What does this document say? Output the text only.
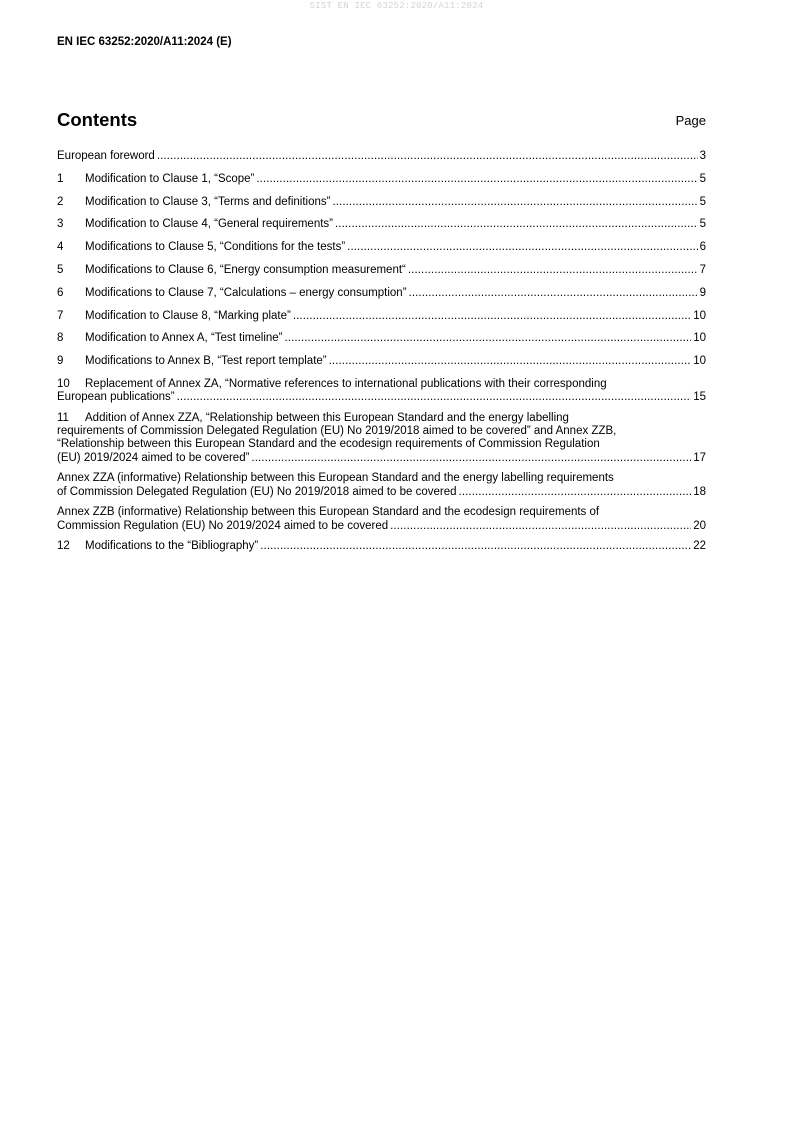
SIST EN IEC 63252:2020/A11:2024
EN IEC 63252:2020/A11:2024 (E)
Contents	Page
European foreword . . .	3
1 Modification to Clause 1, “Scope” . . .	5
2 Modification to Clause 3, “Terms and definitions” . . .	5
3 Modification to Clause 4, “General requirements” . . .	5
4 Modifications to Clause 5, “Conditions for the tests” . . .	6
5 Modifications to Clause 6, “Energy consumption measurement“ . . .	7
6 Modifications to Clause 7, “Calculations – energy consumption” . . .	9
7 Modification to Clause 8, “Marking plate” . . .	10
8 Modification to Annex A, “Test timeline” . . .	10
9 Modifications to Annex B, “Test report template” . . .	10
10 Replacement of Annex ZA, “Normative references to international publications with their corresponding
European publications” . . .	15
11 Addition of Annex ZZA, “Relationship between this European Standard and the energy labelling
requirements of Commission Delegated Regulation (EU) No 2019/2018 aimed to be covered” and Annex ZZB,
“Relationship between this European Standard and the ecodesign requirements of Commission Regulation
(EU) 2019/2024 aimed to be covered” . . .	17
Annex ZZA (informative) Relationship between this European Standard and the energy labelling requirements
of Commission Delegated Regulation (EU) No 2019/2018 aimed to be covered . . .	18
Annex ZZB (informative) Relationship between this European Standard and the ecodesign requirements of
Commission Regulation (EU) No 2019/2024 aimed to be covered . . .	20
12 Modifications to the “Bibliography” . . .	22
